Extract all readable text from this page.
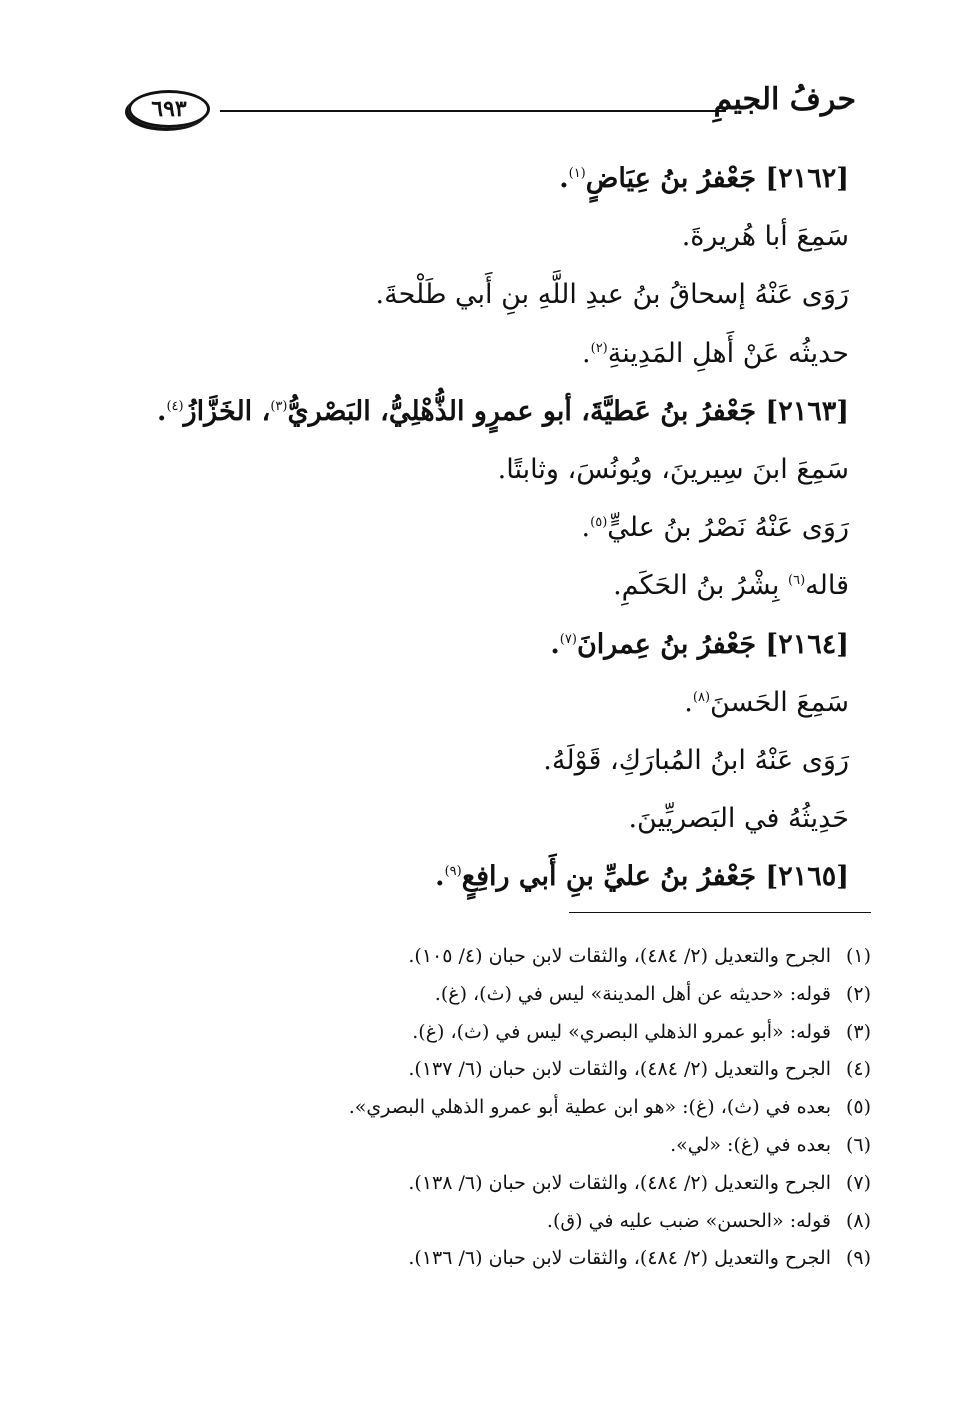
٦٩٣	حرفُ الجيمِ
[٢١٦٢] جَعْفرُ بنُ عِيَاضٍ$^{(١)}$.
سَمِعَ أبا هُريرةَ.
رَوَى عَنْهُ إسحاقُ بنُ عبدِ اللَّهِ بنِ أَبي طَلْحةَ.
حديثُه عَنْ أَهلِ المَدِينةِ$^{(٢)}$.
[٢١٦٣] جَعْفرُ بنُ عَطيَّةَ، أبو عمرٍو الذُّهْلِيُّ، البَصْريُّ$^{(٣)}$، الخَزَّازُ$^{(٤)}$.
سَمِعَ ابنَ سِيرينَ، ويُونُسَ، وثابتًا.
رَوَى عَنْهُ نَصْرُ بنُ عليٍّ$^{(٥)}$.
قاله$^{(٦)}$ بِشْرُ بنُ الحَكَمِ.
[٢١٦٤] جَعْفرُ بنُ عِمرانَ$^{(٧)}$.
سَمِعَ الحَسنَ$^{(٨)}$.
رَوَى عَنْهُ ابنُ المُبارَكِ، قَوْلَهُ.
حَدِيثُهُ في البَصريِّينَ.
[٢١٦٥] جَعْفرُ بنُ عليِّ بنِ أَبي رافِعٍ$^{(٩)}$.
(١)الجرح والتعديل (٢/ ٤٨٤)، والثقات لابن حبان (٤/ ١٠٥).
(٢)قوله: «حديثه عن أهل المدينة» ليس في (ث)، (غ).
(٣)قوله: «أبو عمرو الذهلي البصري» ليس في (ث)، (غ).
(٤)الجرح والتعديل (٢/ ٤٨٤)، والثقات لابن حبان (٦/ ١٣٧).
(٥)بعده في (ث)، (غ): «هو ابن عطية أبو عمرو الذهلي البصري».
(٦)بعده في (غ): «لي».
(٧)الجرح والتعديل (٢/ ٤٨٤)، والثقات لابن حبان (٦/ ١٣٨).
(٨)قوله: «الحسن» ضبب عليه في (ق).
(٩)الجرح والتعديل (٢/ ٤٨٤)، والثقات لابن حبان (٦/ ١٣٦).
